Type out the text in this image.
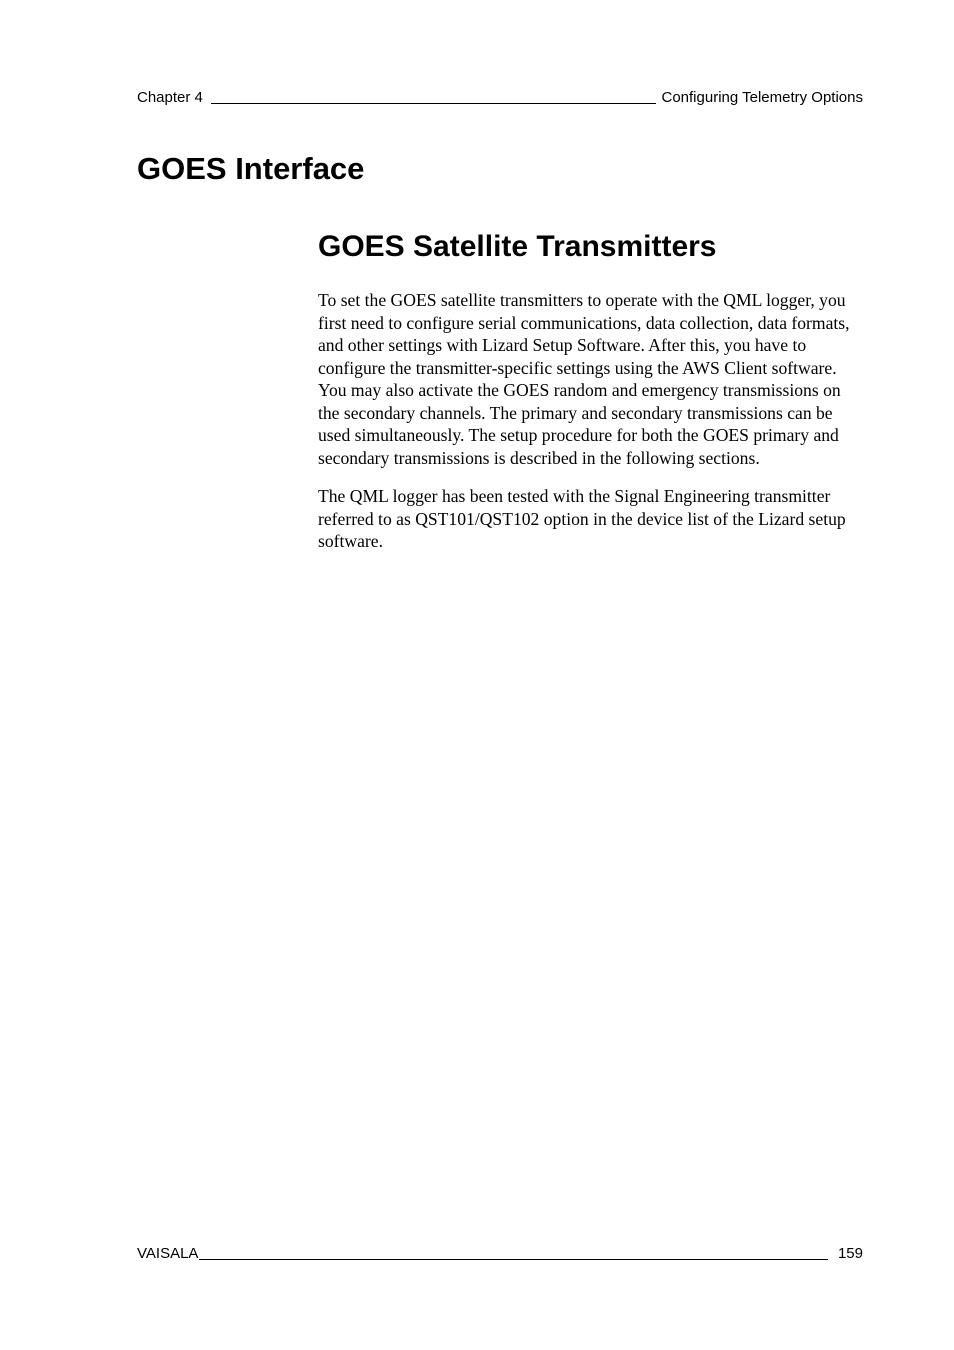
Chapter 4	Configuring Telemetry Options
GOES Interface
GOES Satellite Transmitters

To set the GOES satellite transmitters to operate with the QML logger, you first need to configure serial communications, data collection, data formats, and other settings with Lizard Setup Software. After this, you have to configure the transmitter-specific settings using the AWS Client software. You may also activate the GOES random and emergency transmissions on the secondary channels. The primary and secondary transmissions can be used simultaneously. The setup procedure for both the GOES primary and secondary transmissions is described in the following sections.

The QML logger has been tested with the Signal Engineering transmitter referred to as QST101/QST102 option in the device list of the Lizard setup software.

VAISALA	159
